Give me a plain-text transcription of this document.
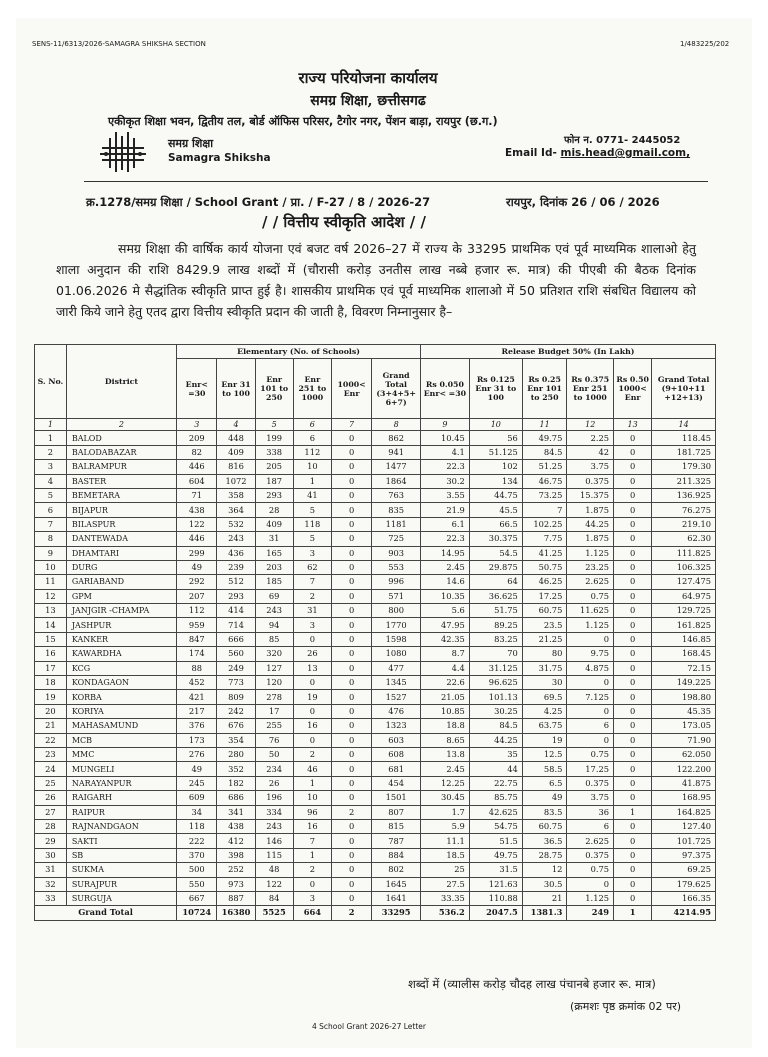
SENS-11/6313/2026-SAMAGRA SHIKSHA SECTION	1/483225/202
राज्य परियोजना कार्यालय
समग्र शिक्षा, छत्तीसगढ
एकीकृत शिक्षा भवन, द्वितीय तल, बोर्ड ऑफिस परिसर, टैगोर नगर, पेंशन बाड़ा, रायपुर (छ.ग.)
फोन न. 0771- 2445052
Email Id- mis.head@gmail.com,
समग्र शिक्षा
Samagra Shiksha
क्र.1278/समग्र शिक्षा / School Grant / प्रा. / F-27 / 8 / 2026-27	रायपुर, दिनांक 26 / 06 / 2026
/ / वित्तीय स्वीकृति आदेश / /
समग्र शिक्षा की वार्षिक कार्य योजना एवं बजट वर्ष 2026–27 में राज्य के 33295 प्राथमिक एवं पूर्व माध्यमिक शालाओ हेतु शाला अनुदान की राशि 8429.9 लाख शब्दों में (चौरासी करोड़ उनतीस लाख नब्बे हजार रू. मात्र) की पीएबी की बैठक दिनांक 01.06.2026 मे सैद्धांतिक स्वीकृति प्राप्त हुई है। शासकीय प्राथमिक एवं पूर्व माध्यमिक शालाओ में 50 प्रतिशत राशि संबधित विद्यालय को जारी किये जाने हेतु एतद द्वारा वित्तीय स्वीकृति प्रदान की जाती है, विवरण निम्नानुसार है–
S. No.	District	Elementary (No. of Schools)						Release Budget 50% (In Lakh)					
		Enr< =30	Enr 31 to 100	Enr 101 to 250	Enr 251 to 1000	1000< Enr	Grand Total (3+4+5+ 6+7)	Rs 0.050 Enr< =30	Rs 0.125 Enr 31 to 100	Rs 0.25 Enr 101 to 250	Rs 0.375 Enr 251 to 1000	Rs 0.50 1000< Enr	Grand Total (9+10+11 +12+13)
1	2	3	4	5	6	7	8	9	10	11	12	13	14
1	BALOD	209	448	199	6	0	862	10.45	56	49.75	2.25	0	118.45
2	BALODABAZAR	82	409	338	112	0	941	4.1	51.125	84.5	42	0	181.725
3	BALRAMPUR	446	816	205	10	0	1477	22.3	102	51.25	3.75	0	179.30
4	BASTER	604	1072	187	1	0	1864	30.2	134	46.75	0.375	0	211.325
5	BEMETARA	71	358	293	41	0	763	3.55	44.75	73.25	15.375	0	136.925
6	BIJAPUR	438	364	28	5	0	835	21.9	45.5	7	1.875	0	76.275
7	BILASPUR	122	532	409	118	0	1181	6.1	66.5	102.25	44.25	0	219.10
8	DANTEWADA	446	243	31	5	0	725	22.3	30.375	7.75	1.875	0	62.30
9	DHAMTARI	299	436	165	3	0	903	14.95	54.5	41.25	1.125	0	111.825
10	DURG	49	239	203	62	0	553	2.45	29.875	50.75	23.25	0	106.325
11	GARIABAND	292	512	185	7	0	996	14.6	64	46.25	2.625	0	127.475
12	GPM	207	293	69	2	0	571	10.35	36.625	17.25	0.75	0	64.975
13	JANJGIR -CHAMPA	112	414	243	31	0	800	5.6	51.75	60.75	11.625	0	129.725
14	JASHPUR	959	714	94	3	0	1770	47.95	89.25	23.5	1.125	0	161.825
15	KANKER	847	666	85	0	0	1598	42.35	83.25	21.25	0	0	146.85
16	KAWARDHA	174	560	320	26	0	1080	8.7	70	80	9.75	0	168.45
17	KCG	88	249	127	13	0	477	4.4	31.125	31.75	4.875	0	72.15
18	KONDAGAON	452	773	120	0	0	1345	22.6	96.625	30	0	0	149.225
19	KORBA	421	809	278	19	0	1527	21.05	101.13	69.5	7.125	0	198.80
20	KORIYA	217	242	17	0	0	476	10.85	30.25	4.25	0	0	45.35
21	MAHASAMUND	376	676	255	16	0	1323	18.8	84.5	63.75	6	0	173.05
22	MCB	173	354	76	0	0	603	8.65	44.25	19	0	0	71.90
23	MMC	276	280	50	2	0	608	13.8	35	12.5	0.75	0	62.050
24	MUNGELI	49	352	234	46	0	681	2.45	44	58.5	17.25	0	122.200
25	NARAYANPUR	245	182	26	1	0	454	12.25	22.75	6.5	0.375	0	41.875
26	RAIGARH	609	686	196	10	0	1501	30.45	85.75	49	3.75	0	168.95
27	RAIPUR	34	341	334	96	2	807	1.7	42.625	83.5	36	1	164.825
28	RAJNANDGAON	118	438	243	16	0	815	5.9	54.75	60.75	6	0	127.40
29	SAKTI	222	412	146	7	0	787	11.1	51.5	36.5	2.625	0	101.725
30	SB	370	398	115	1	0	884	18.5	49.75	28.75	0.375	0	97.375
31	SUKMA	500	252	48	2	0	802	25	31.5	12	0.75	0	69.25
32	SURAJPUR	550	973	122	0	0	1645	27.5	121.63	30.5	0	0	179.625
33	SURGUJA	667	887	84	3	0	1641	33.35	110.88	21	1.125	0	166.35
Grand Total		10724	16380	5525	664	2	33295	536.2	2047.5	1381.3	249	1	4214.95
शब्दों में (व्यालीस करोड़ चौदह लाख पंचानबे हजार रू. मात्र)
(क्रमशः पृष्ठ क्रमांक 02 पर)
4 School Grant 2026-27 Letter
